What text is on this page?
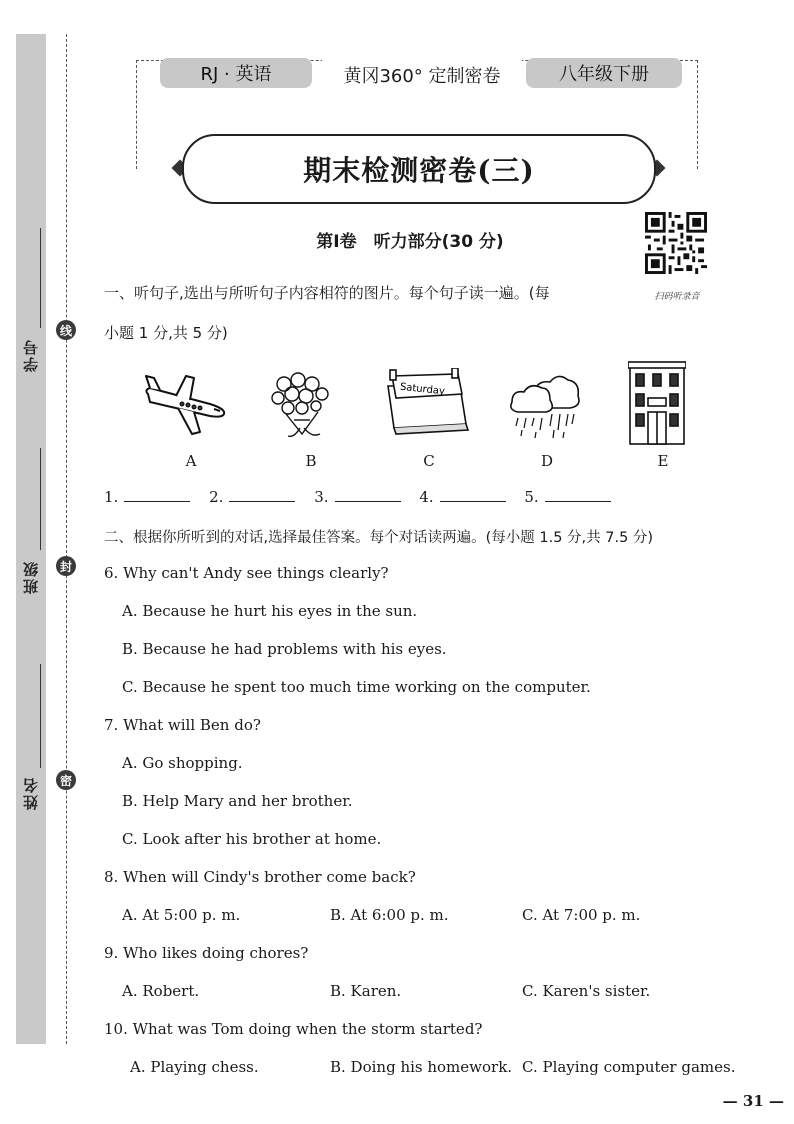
学号
班级
姓名
线
封
密
RJ · 英语	黄冈360° 定制密卷	八年级下册
期末检测密卷(三)
第Ⅰ卷　听力部分(30 分)
扫码听录音
一、听句子,选出与所听句子内容相符的图片。每个句子读一遍。(每
小题 1 分,共 5 分)
Saturday
A	B	C	D	E
1.	2.	3.	4.	5.
二、根据你所听到的对话,选择最佳答案。每个对话读两遍。(每小题 1.5 分,共 7.5 分)
6. Why can't Andy see things clearly?
A. Because he hurt his eyes in the sun.
B. Because he had problems with his eyes.
C. Because he spent too much time working on the computer.
7. What will Ben do?
A. Go shopping.
B. Help Mary and her brother.
C. Look after his brother at home.
8. When will Cindy's brother come back?
A. At 5:00 p. m.	B. At 6:00 p. m.	C. At 7:00 p. m.
9. Who likes doing chores?
A. Robert.	B. Karen.	C. Karen's sister.
10. What was Tom doing when the storm started?
A. Playing chess.	B. Doing his homework. C. Playing computer games.
— 31 —
